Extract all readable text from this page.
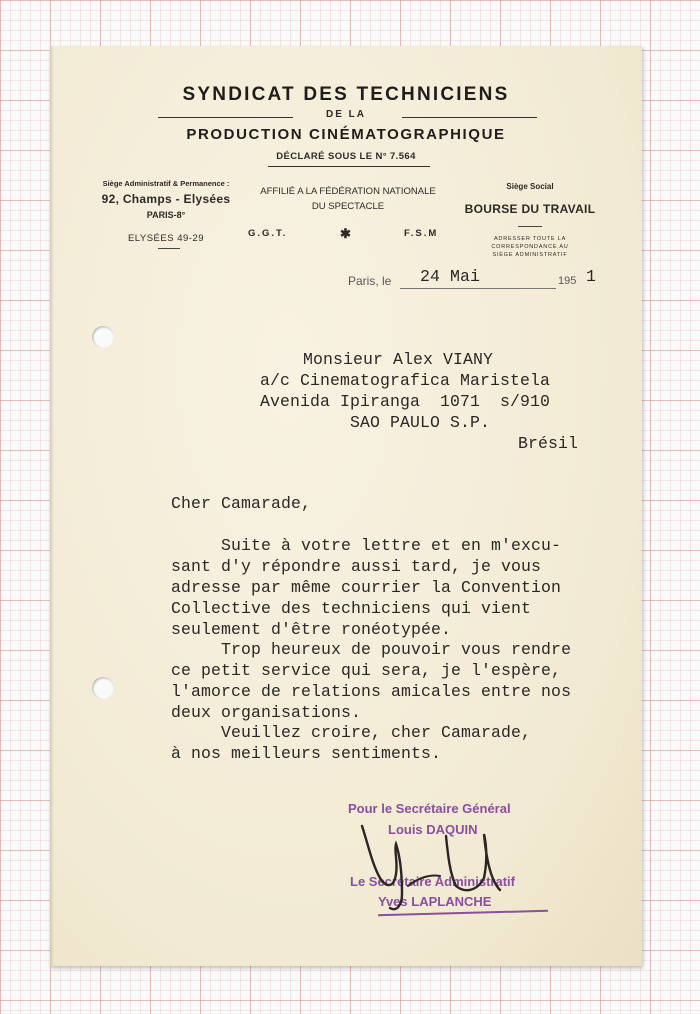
SYNDICAT DES TECHNICIENS
DE LA
PRODUCTION CINÉMATOGRAPHIQUE
DÉCLARÉ SOUS LE N° 7.564
Siège Administratif & Permanence :
92, Champs - Elysées
PARIS-8°
ELYSÉES 49-29
AFFILIÉ A LA FÉDÉRATION NATIONALE
DU SPECTACLE
G.G.T.	✱	F.S.M
Siège Social
BOURSE DU TRAVAIL
ADRESSER TOUTE LA
CORRESPONDANCE AU
SIÈGE ADMINISTRATIF
Paris, le 24 Mai	195 1
Monsieur Alex VIANY
a/c Cinematografica Maristela
Avenida Ipiranga  1071  s/910
SAO PAULO S.P.
Brésil
Cher Camarade,
Suite à votre lettre et en m'excu-
sant d'y répondre aussi tard, je vous
adresse par même courrier la Convention
Collective des techniciens qui vient
seulement d'être ronéotypée.
Trop heureux de pouvoir vous rendre
ce petit service qui sera, je l'espère,
l'amorce de relations amicales entre nos
deux organisations.
Veuillez croire, cher Camarade,
à nos meilleurs sentiments.
Pour le Secrétaire Général
Louis DAQUIN
Le Secrétaire Administratif
Yves LAPLANCHE
